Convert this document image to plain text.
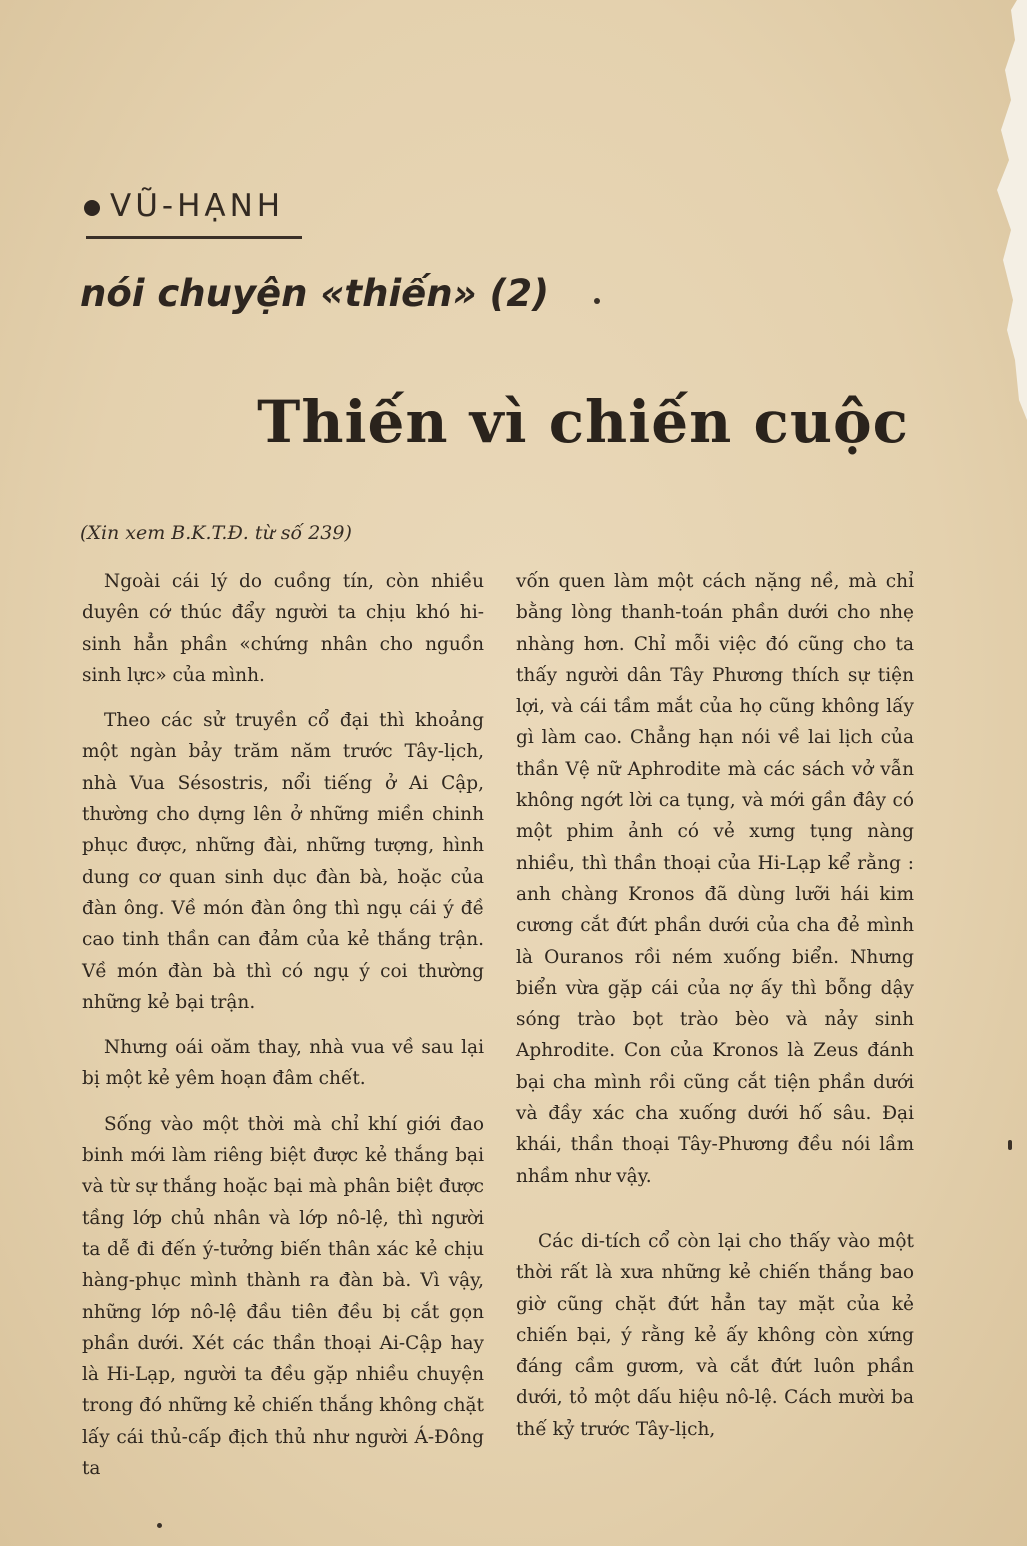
VŨ-HẠNH
nói chuyện «thiến» (2)
Thiến vì chiến cuộc
(Xin xem B.K.T.Đ. từ số 239)

Ngoài cái lý do cuồng tín, còn nhiều duyên cớ thúc đẩy người ta chịu khó hi-sinh hẳn phần «chứng nhân cho nguồn sinh lực» của mình.

Theo các sử truyền cổ đại thì khoảng một ngàn bảy trăm năm trước Tây-lịch, nhà Vua Sésostris, nổi tiếng ở Ai Cập, thường cho dựng lên ở những miền chinh phục được, những đài, những tượng, hình dung cơ quan sinh dục đàn bà, hoặc của đàn ông. Về món đàn ông thì ngụ cái ý đề cao tinh thần can đảm của kẻ thắng trận. Về món đàn bà thì có ngụ ý coi thường những kẻ bại trận.

Nhưng oái oăm thay, nhà vua về sau lại bị một kẻ yêm hoạn đâm chết.

Sống vào một thời mà chỉ khí giới đao binh mới làm riêng biệt được kẻ thắng bại và từ sự thắng hoặc bại mà phân biệt được tầng lớp chủ nhân và lớp nô-lệ, thì người ta dễ đi đến ý-tưởng biến thân xác kẻ chịu hàng-phục mình thành ra đàn bà. Vì vậy, những lớp nô-lệ đầu tiên đều bị cắt gọn phần dưới. Xét các thần thoại Ai-Cập hay là Hi-Lạp, người ta đều gặp nhiều chuyện trong đó những kẻ chiến thắng không chặt lấy cái thủ-cấp địch thủ như người Á-Đông ta

vốn quen làm một cách nặng nề, mà chỉ bằng lòng thanh-toán phần dưới cho nhẹ nhàng hơn. Chỉ mỗi việc đó cũng cho ta thấy người dân Tây Phương thích sự tiện lợi, và cái tầm mắt của họ cũng không lấy gì làm cao. Chẳng hạn nói về lai lịch của thần Vệ nữ Aphrodite mà các sách vở vẫn không ngớt lời ca tụng, và mới gần đây có một phim ảnh có vẻ xưng tụng nàng nhiều, thì thần thoại của Hi-Lạp kể rằng : anh chàng Kronos đã dùng lưỡi hái kim cương cắt đứt phần dưới của cha đẻ mình là Ouranos rồi ném xuống biển. Nhưng biển vừa gặp cái của nợ ấy thì bỗng dậy sóng trào bọt trào bèo và nảy sinh Aphrodite. Con của Kronos là Zeus đánh bại cha mình rồi cũng cắt tiện phần dưới và đầy xác cha xuống dưới hố sâu. Đại khái, thần thoại Tây-Phương đều nói lầm nhầm như vậy.

Các di-tích cổ còn lại cho thấy vào một thời rất là xưa những kẻ chiến thắng bao giờ cũng chặt đứt hẳn tay mặt của kẻ chiến bại, ý rằng kẻ ấy không còn xứng đáng cầm gươm, và cắt đứt luôn phần dưới, tỏ một dấu hiệu nô-lệ. Cách mười ba thế kỷ trước Tây-lịch,
